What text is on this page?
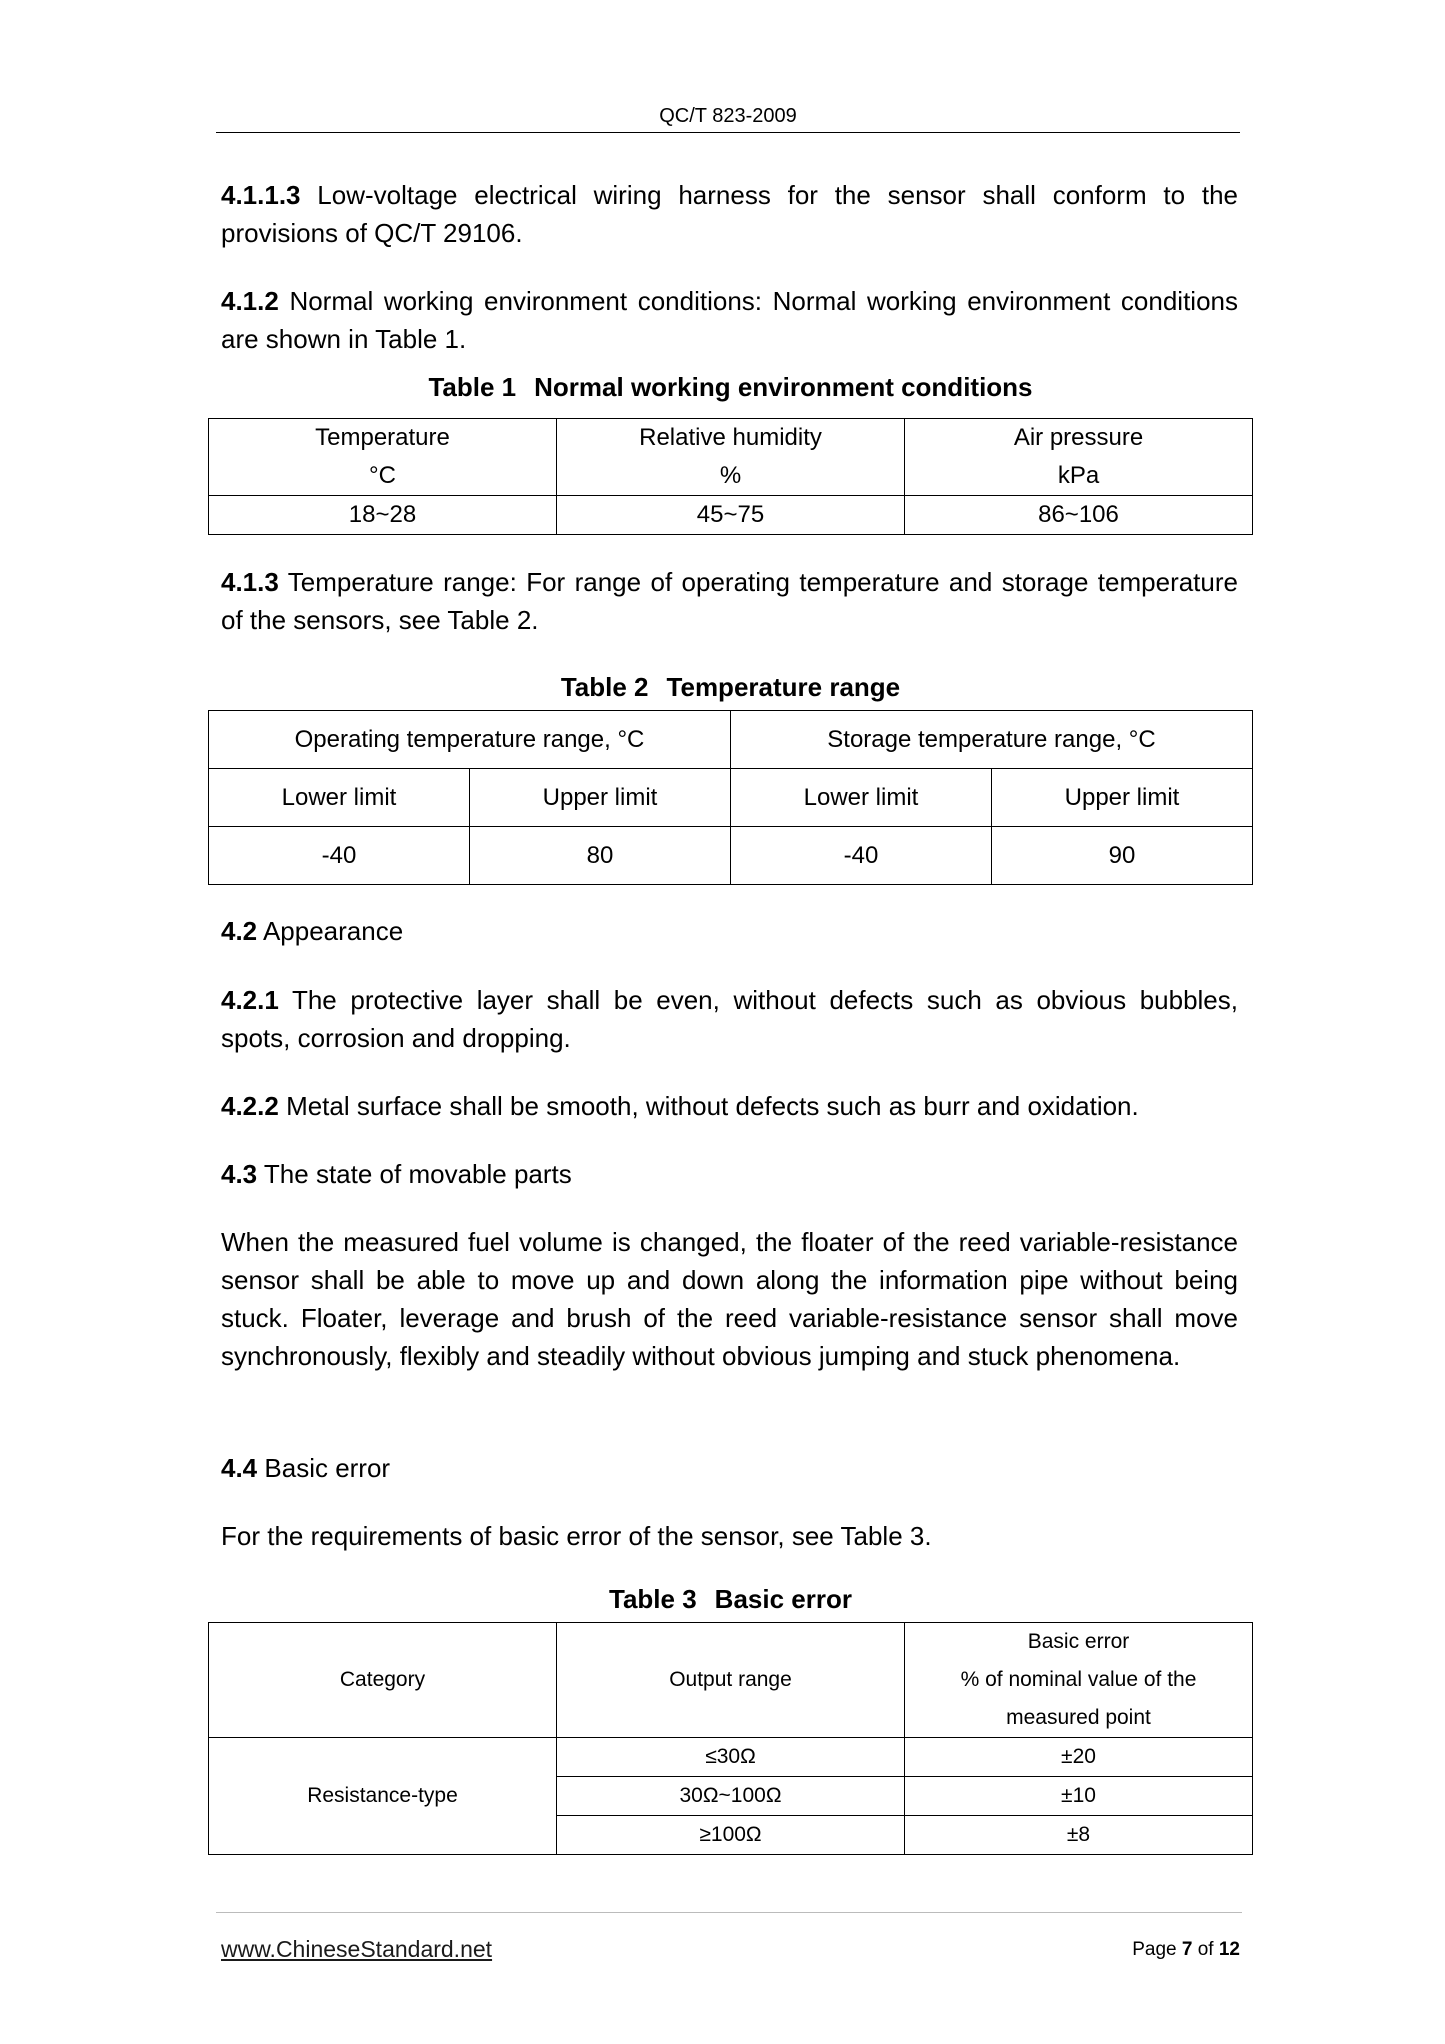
QC/T 823-2009

4.1.1.3 Low-voltage electrical wiring harness for the sensor shall conform to the provisions of QC/T 29106.

4.1.2 Normal working environment conditions: Normal working environment conditions are shown in Table 1.

Table 1 Normal working environment conditions
Temperature
°C

Relative humidity
%

Air pressure
kPa

18~28	45~75	86~106

4.1.3 Temperature range: For range of operating temperature and storage temperature of the sensors, see Table 2.

Table 2 Temperature range
Operating temperature range, °C	Storage temperature range, °C
Lower limit	Upper limit	Lower limit	Upper limit
-40	80	-40	90

4.2 Appearance

4.2.1 The protective layer shall be even, without defects such as obvious bubbles, spots, corrosion and dropping.

4.2.2 Metal surface shall be smooth, without defects such as burr and oxidation.

4.3 The state of movable parts

When the measured fuel volume is changed, the floater of the reed variable-resistance sensor shall be able to move up and down along the information pipe without being stuck. Floater, leverage and brush of the reed variable-resistance sensor shall move synchronously, flexibly and steadily without obvious jumping and stuck phenomena.

4.4 Basic error

For the requirements of basic error of the sensor, see Table 3.

Table 3 Basic error
Category	Output range	
Basic error
% of nominal value of the
measured point

Resistance-type	≤30Ω	±20
30Ω~100Ω	±10
≥100Ω	±8
www.ChineseStandard.net	Page 7 of 12
